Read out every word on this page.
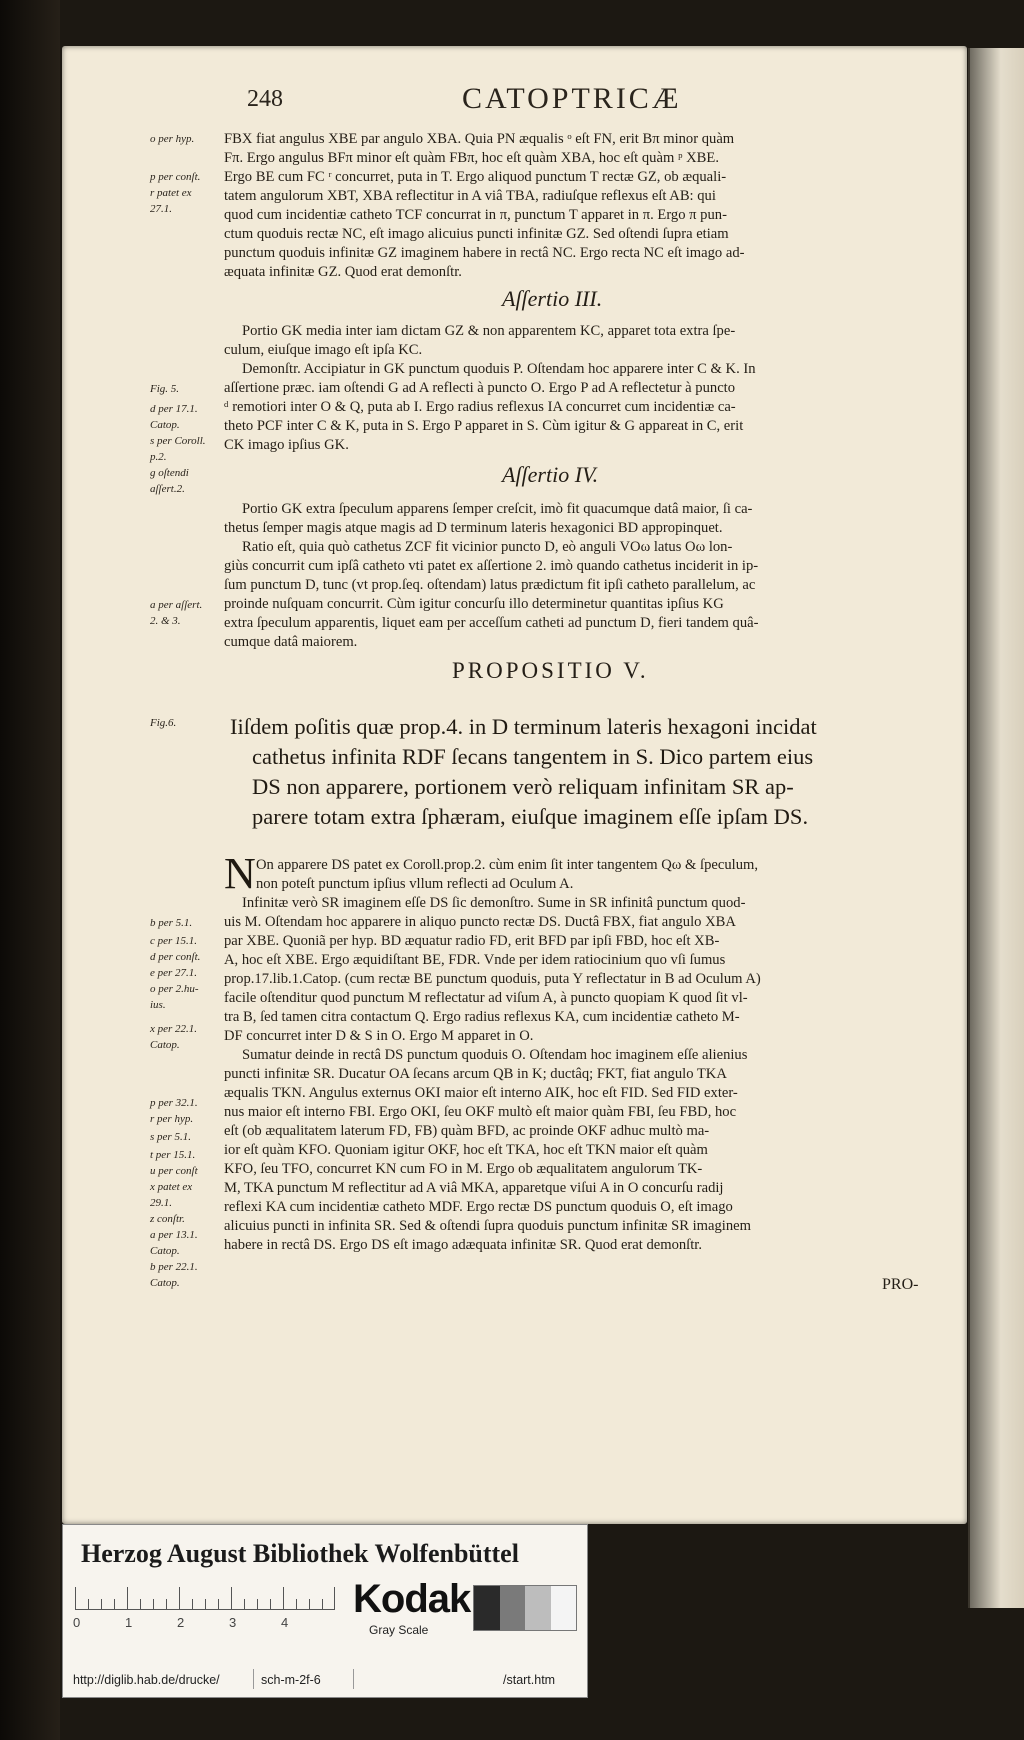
248	CATOPTRICÆ
FBX fiat angulus XBE par angulo XBA. Quia PN æqualis ᵒ eſt FN, erit Bπ minor quàm
Fπ. Ergo angulus BFπ minor eſt quàm FBπ, hoc eſt quàm XBA, hoc eſt quàm ᵖ XBE.
Ergo BE cum FC ʳ concurret, puta in T. Ergo aliquod punctum T rectæ GZ, ob æquali-
tatem angulorum XBT, XBA reflectitur in A viâ TBA, radiuſque reflexus eſt AB: qui
quod cum incidentiæ catheto TCF concurrat in π, punctum T apparet in π. Ergo π pun-
ctum quoduis rectæ NC, eſt imago alicuius puncti infinitæ GZ. Sed oſtendi ſupra etiam
punctum quoduis infinitæ GZ imaginem habere in rectâ NC. Ergo recta NC eſt imago ad-
æquata infinitæ GZ. Quod erat demonſtr.
Aſſertio III.
Portio GK media inter iam dictam GZ & non apparentem KC, apparet tota extra ſpe-
culum, eiuſque imago eſt ipſa KC.
Demonſtr. Accipiatur in GK punctum quoduis P. Oſtendam hoc apparere inter C & K. In
aſſertione præc. iam oſtendi G ad A reflecti à puncto O. Ergo P ad A reflectetur à puncto
ᵈ remotiori inter O & Q, puta ab I. Ergo radius reflexus IA concurret cum incidentiæ ca-
theto PCF inter C & K, puta in S. Ergo P apparet in S. Cùm igitur & G appareat in C, erit
CK imago ipſius GK.
Aſſertio IV.
Portio GK extra ſpeculum apparens ſemper creſcit, imò fit quacumque datâ maior, ſi ca-
thetus ſemper magis atque magis ad D terminum lateris hexagonici BD appropinquet.
Ratio eſt, quia quò cathetus ZCF fit vicinior puncto D, eò anguli VOω latus Oω lon-
giùs concurrit cum ipſâ catheto vti patet ex aſſertione 2. imò quando cathetus inciderit in ip-
ſum punctum D, tunc (vt prop.ſeq. oſtendam) latus prædictum fit ipſi catheto parallelum, ac
proinde nuſquam concurrit. Cùm igitur concurſu illo determinetur quantitas ipſius KG
extra ſpeculum apparentis, liquet eam per acceſſum catheti ad punctum D, fieri tandem quâ-
cumque datâ maiorem.
PROPOSITIO V.
Iiſdem poſitis quæ prop.4. in D terminum lateris hexagoni incidat
cathetus infinita RDF ſecans tangentem in S. Dico partem eius
DS non apparere, portionem verò reliquam infinitam SR ap-
parere totam extra ſphæram, eiuſque imaginem eſſe ipſam DS.
N On apparere DS patet ex Coroll.prop.2. cùm enim ſit inter tangentem Qω & ſpeculum,
non poteſt punctum ipſius vllum reflecti ad Oculum A.
Infinitæ verò SR imaginem eſſe DS ſic demonſtro. Sume in SR infinitâ punctum quod-
uis M. Oſtendam hoc apparere in aliquo puncto rectæ DS. Ductâ FBX, fiat angulo XBA
par XBE. Quoniã per hyp. BD æquatur radio FD, erit BFD par ipſi FBD, hoc eſt XB-
A, hoc eſt XBE. Ergo æquidiſtant BE, FDR. Vnde per idem ratiocinium quo vſi ſumus
prop.17.lib.1.Catop. (cum rectæ BE punctum quoduis, puta Y reflectatur in B ad Oculum A)
facile oſtenditur quod punctum M reflectatur ad viſum A, à puncto quopiam K quod ſit vl-
tra B, ſed tamen citra contactum Q. Ergo radius reflexus KA, cum incidentiæ catheto M-
DF concurret inter D & S in O. Ergo M apparet in O.
Sumatur deinde in rectâ DS punctum quoduis O. Oſtendam hoc imaginem eſſe alienius
puncti infinitæ SR. Ducatur OA ſecans arcum QB in K; ductâq; FKT, fiat angulo TKA
æqualis TKN. Angulus externus OKI maior eſt interno AIK, hoc eſt FID. Sed FID exter-
nus maior eſt interno FBI. Ergo OKI, ſeu OKF multò eſt maior quàm FBI, ſeu FBD, hoc
eſt (ob æqualitatem laterum FD, FB) quàm BFD, ac proinde OKF adhuc multò ma-
ior eſt quàm KFO. Quoniam igitur OKF, hoc eſt TKA, hoc eſt TKN maior eſt quàm
KFO, ſeu TFO, concurret KN cum FO in M. Ergo ob æqualitatem angulorum TK-
M, TKA punctum M reflectitur ad A viâ MKA, apparetque viſui A in O concurſu radij
reflexi KA cum incidentiæ catheto MDF. Ergo rectæ DS punctum quoduis O, eſt imago
alicuius puncti in infinita SR. Sed & oſtendi ſupra quoduis punctum infinitæ SR imaginem
habere in rectâ DS. Ergo DS eſt imago adæquata infinitæ SR. Quod erat demonſtr.
PRO-
o per hyp.
p per conſt.
r patet ex
27.1.
Fig. 5.
d per 17.1.
Catop.
s per Coroll.
p.2.
g oſtendi
aſſert.2.
a per aſſert.
2. & 3.
Fig.6.
b per 5.1.
c per 15.1.
d per conſt.
e per 27.1.
o per 2.hu-
ius.
x per 22.1.
Catop.
p per 32.1.
r per hyp.
s per 5.1.
t per 15.1.
u per conſt
x patet ex
29.1.
z conſtr.
a per 13.1.
Catop.
b per 22.1.
Catop.
Herzog August Bibliothek Wolfenbüttel
0	1	2	3	4
Kodak
Gray Scale
http://diglib.hab.de/drucke/	sch-m-2f-6	/start.htm
